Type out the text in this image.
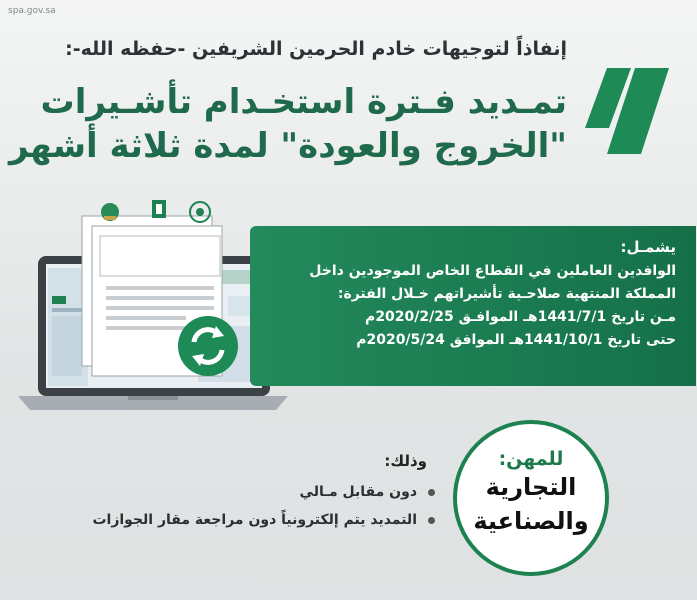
spa.gov.sa
إنفاذاً لتوجيهات خادم الحرمين الشريفين -حفظه الله-:
تمـديد فـترة استخـدام تأشـيرات
"الخروج والعودة" لمدة ثلاثة أشهر
يشمـل:
الوافدين العاملين في القطاع الخاص الموجودين داخل
المملكة المنتهية صلاحـية تأشيراتهم خـلال الفترة:
مـن تاريخ 1441/7/1هـ الموافـق 2020/2/25م
حتى تاريخ 1441/10/1هـ الموافق 2020/5/24م
للمهن:
التجارية
والصناعية
وذلك:
دون مقابل مـالي
التمديد يتم إلكترونياً دون مراجعة مقار الجوازات
